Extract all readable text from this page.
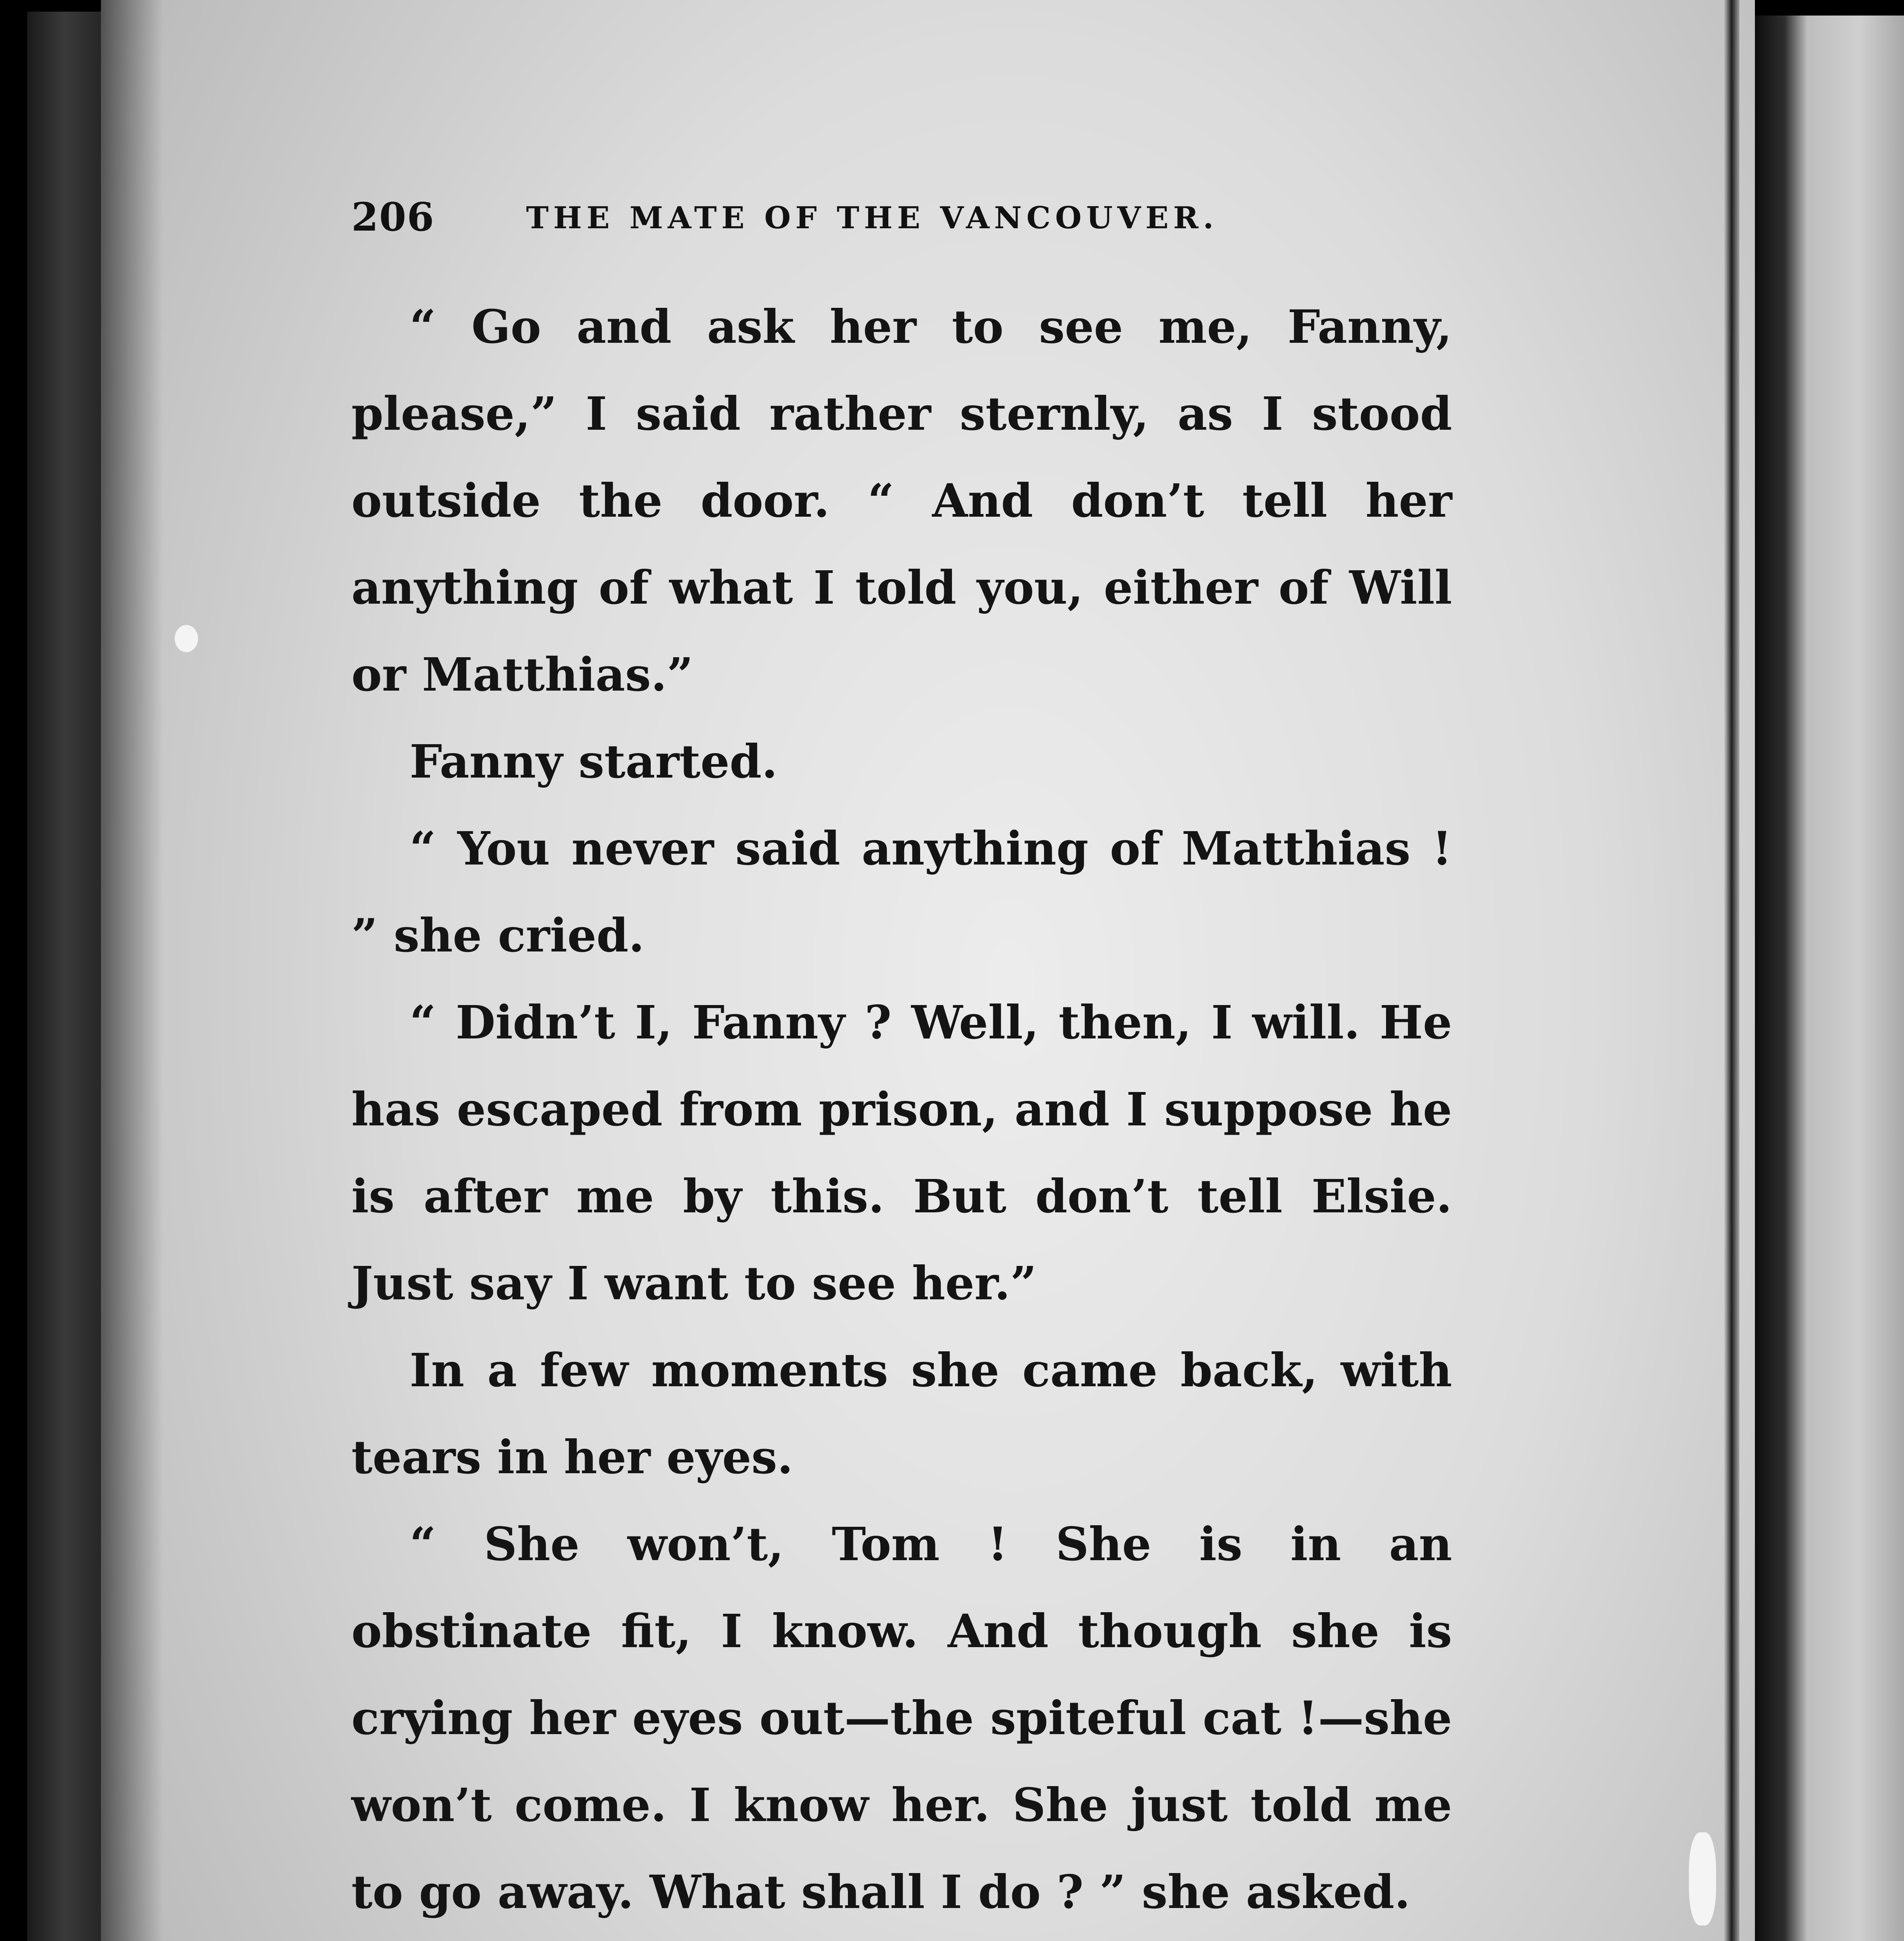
206	THE MATE OF THE VANCOUVER.

“ Go and ask her to see me, Fanny, please,” I said rather sternly, as I stood outside the door. “ And don’t tell her anything of what I told you, either of Will or Matthias.”

Fanny started.

“ You never said anything of Matthias ! ” she cried.

“ Didn’t I, Fanny ? Well, then, I will. He has escaped from prison, and I suppose he is after me by this. But don’t tell Elsie. Just say I want to see her.”

In a few moments she came back, with tears in her eyes.

“ She won’t, Tom ! She is in an obstinate fit, I know. And though she is crying her eyes out—the spiteful cat !—she won’t come. I know her. She just told me to go away. What shall I do ? ” she asked.
